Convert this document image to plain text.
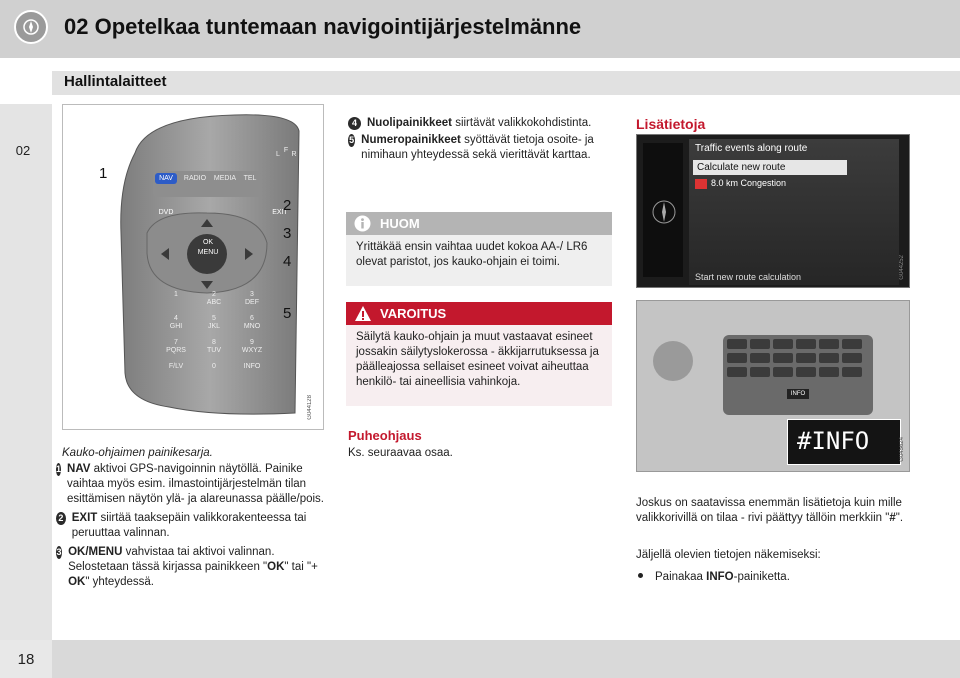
02 Opetelkaa tuntemaan navigointijärjestelmänne
Hallintalaitteet
02
18
NAV	RADIO	MEDIA	TEL
L
F
R
DVD	EXIT
OK
MENU
1	2
ABC
3
DEF
4
GHI
5
JKL
6
MNO
7
PQRS
8
TUV
9
WXYZ
F/LV	0	INFO
1
2
3
4
5
G044128
Kauko-ohjaimen painikesarja.
1 NAV aktivoi GPS-navigoinnin näytöllä. Painike vaihtaa myös esim. ilmastointijärjestelmän tilan esittämisen näytön ylä- ja alareunassa päälle/pois.
2 EXIT siirtää taaksepäin valikkorakenteessa tai peruuttaa valinnan.
3 OK/MENU vahvistaa tai aktivoi valinnan. Selostetaan tässä kirjassa painikkeen "OK" tai "+ OK" yhteydessä.
4 Nuolipainikkeet siirtävät valikkokohdistinta.
5 Numeropainikkeet syöttävät tietoja osoite- ja nimihaun yhteydessä sekä vierittävät karttaa.
HUOM
Yrittäkää ensin vaihtaa uudet kokoa AA-/ LR6 olevat paristot, jos kauko-ohjain ei toimi.
VAROITUS
Säilytä kauko-ohjain ja muut vastaavat esineet jossakin säilytyslokerossa - äkkijarrutuksessa ja päälleajossa sellaiset esineet voivat aiheuttaa henkilö- tai aineellisia vahinkoja.
Puheohjaus
Ks. seuraavaa osaa.
Lisätietoja
Traffic events along route
Calculate new route
8.0 km Congestion
Start new route calculation	G044252
INFO
#INFO	G045624
Joskus on saatavissa enemmän lisätietoja kuin mille valikkorivillä on tilaa - rivi päättyy tällöin merkkiin "#".
Jäljellä olevien tietojen näkemiseksi:
Painakaa INFO-painiketta.
